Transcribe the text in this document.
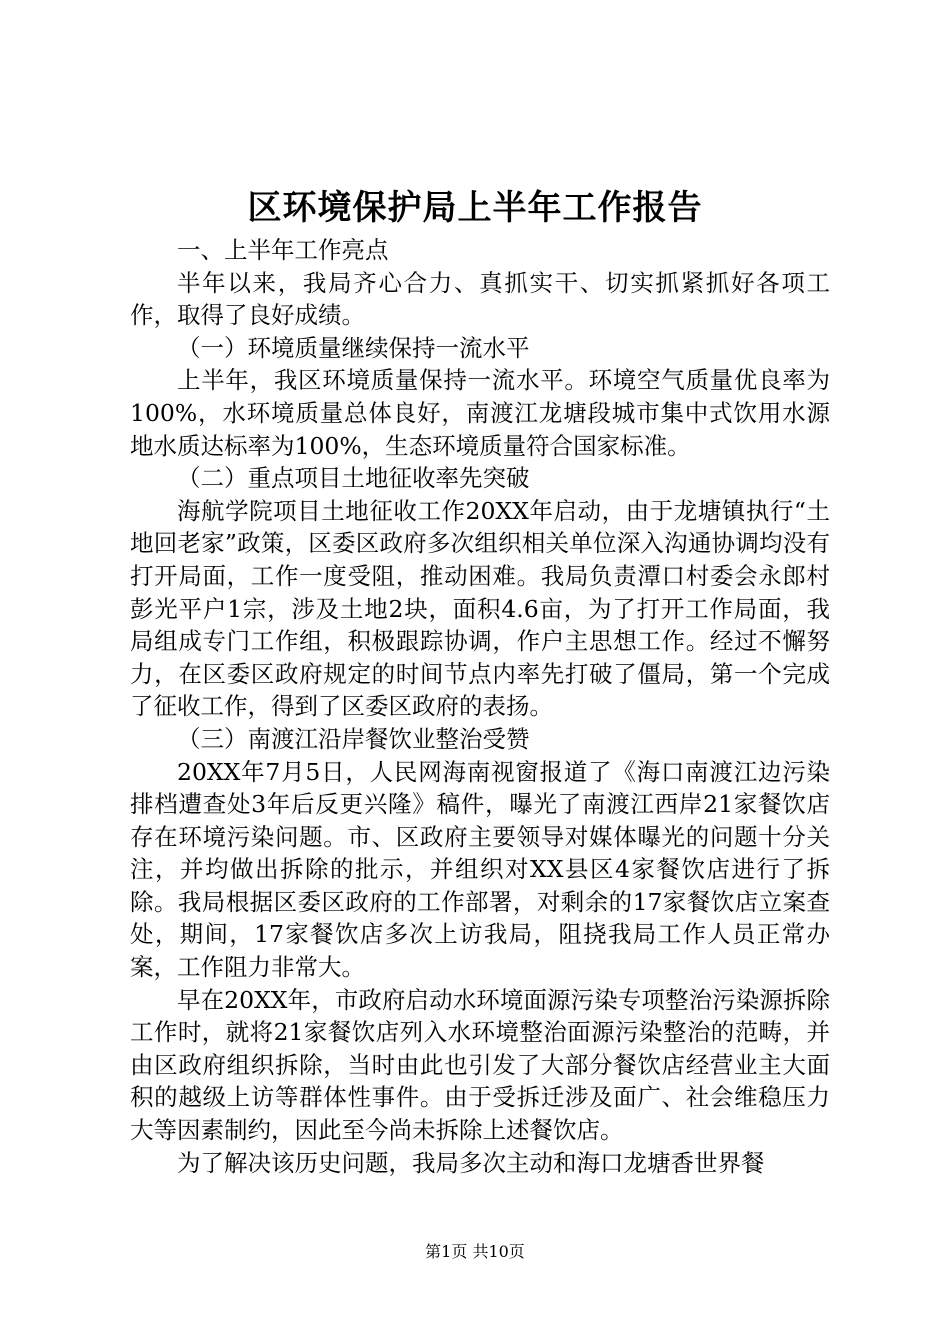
区环境保护局上半年工作报告

一、上半年工作亮点

半年以来，我局齐心合力、真抓实干、切实抓紧抓好各项工作，取得了良好成绩。

（一）环境质量继续保持一流水平

上半年，我区环境质量保持一流水平。环境空气质量优良率为100%，水环境质量总体良好，南渡江龙塘段城市集中式饮用水源地水质达标率为100%，生态环境质量符合国家标准。

（二）重点项目土地征收率先突破

海航学院项目土地征收工作20XX年启动，由于龙塘镇执行“土地回老家”政策，区委区政府多次组织相关单位深入沟通协调均没有打开局面，工作一度受阻，推动困难。我局负责潭口村委会永郎村彭光平户1宗，涉及土地2块，面积4.6亩，为了打开工作局面，我局组成专门工作组，积极跟踪协调，作户主思想工作。经过不懈努力，在区委区政府规定的时间节点内率先打破了僵局，第一个完成了征收工作，得到了区委区政府的表扬。

（三）南渡江沿岸餐饮业整治受赞

20XX年7月5日，人民网海南视窗报道了《海口南渡江边污染排档遭查处3年后反更兴隆》稿件，曝光了南渡江西岸21家餐饮店存在环境污染问题。市、区政府主要领导对媒体曝光的问题十分关注，并均做出拆除的批示，并组织对XX县区4家餐饮店进行了拆除。我局根据区委区政府的工作部署，对剩余的17家餐饮店立案查处，期间，17家餐饮店多次上访我局，阻挠我局工作人员正常办案，工作阻力非常大。

早在20XX年，市政府启动水环境面源污染专项整治污染源拆除工作时，就将21家餐饮店列入水环境整治面源污染整治的范畴，并由区政府组织拆除，当时由此也引发了大部分餐饮店经营业主大面积的越级上访等群体性事件。由于受拆迁涉及面广、社会维稳压力大等因素制约，因此至今尚未拆除上述餐饮店。

为了解决该历史问题，我局多次主动和海口龙塘香世界餐

第1页 共10页
